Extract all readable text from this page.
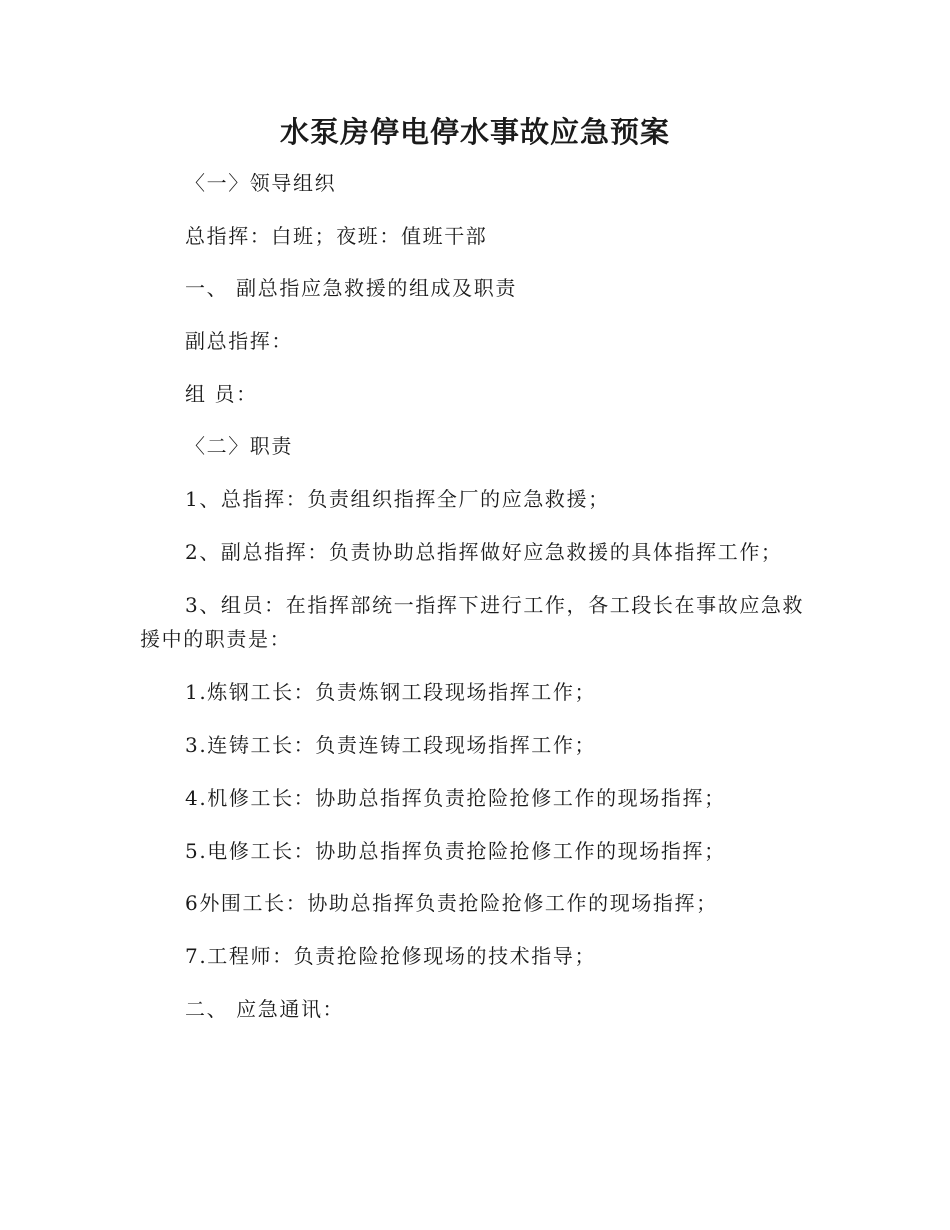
水泵房停电停水事故应急预案
〈一〉领导组织
总指挥：白班；夜班：值班干部
一、 副总指应急救援的组成及职责
副总指挥：
组 员：
〈二〉职责
1、总指挥：负责组织指挥全厂的应急救援；
2、副总指挥：负责协助总指挥做好应急救援的具体指挥工作；
3、组员：在指挥部统一指挥下进行工作，各工段长在事故应急救援中的职责是：
1.炼钢工长：负责炼钢工段现场指挥工作；
3.连铸工长：负责连铸工段现场指挥工作；
4.机修工长：协助总指挥负责抢险抢修工作的现场指挥；
5.电修工长：协助总指挥负责抢险抢修工作的现场指挥；
6外围工长：协助总指挥负责抢险抢修工作的现场指挥；
7.工程师：负责抢险抢修现场的技术指导；
二、 应急通讯：
